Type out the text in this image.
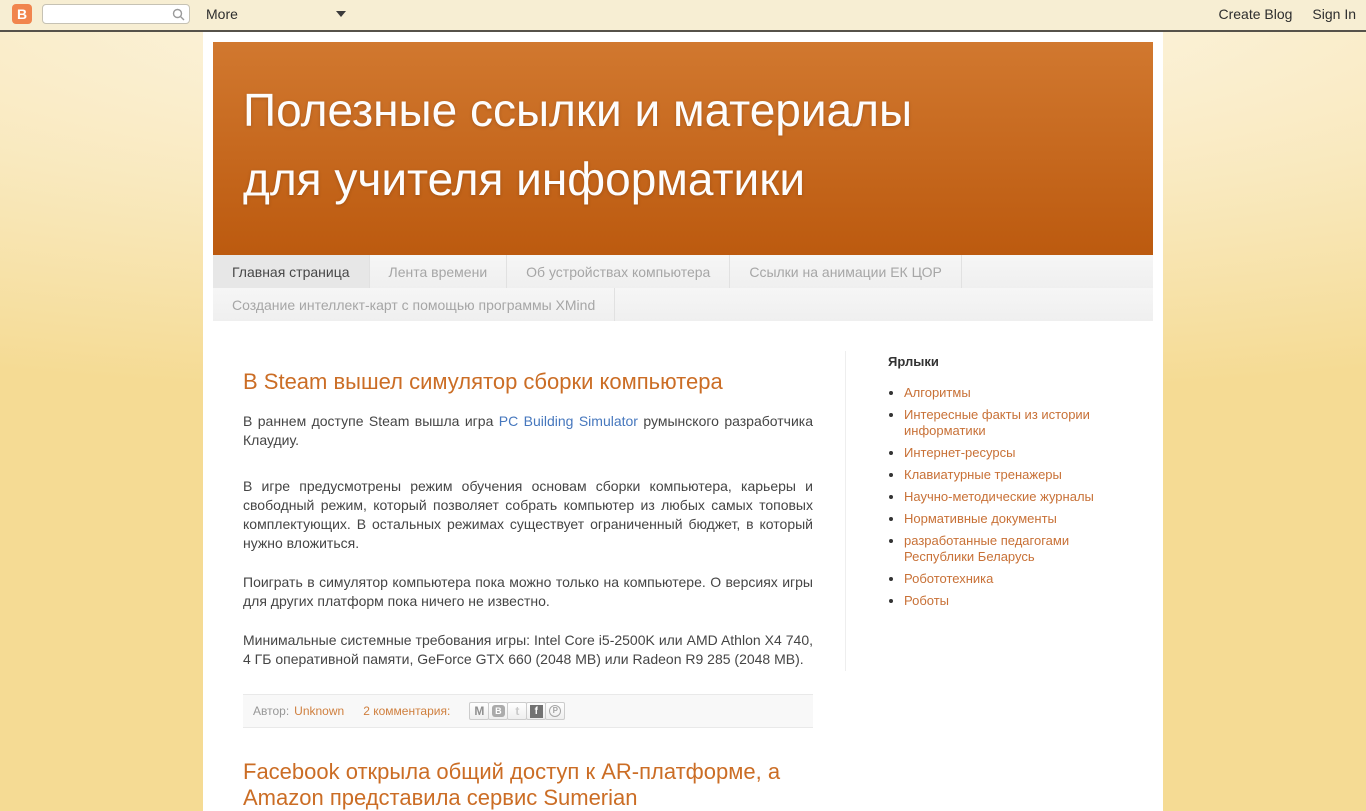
B	More	Create Blog Sign In
Полезные ссылки и материалы
для учителя информатики
Главная страница	Лента времени	Об устройствах компьютера	Ссылки на анимации ЕК ЦОР
Создание интеллект-карт с помощью программы XMind
В Steam вышел симулятор сборки компьютера

В раннем доступе Steam вышла игра PC Building Simulator румынского разработчика Клаудиу.

В игре предусмотрены режим обучения основам сборки компьютера, карьеры и свободный режим, который позволяет собрать компьютер из любых самых топовых комплектующих. В остальных режимах существует ограниченный бюджет, в который нужно вложиться.

Поиграть в симулятор компьютера пока можно только на компьютере. О версиях игры для других платформ пока ничего не известно.

Минимальные системные требования игры: Intel Core i5-2500K или AMD Athlon X4 740, 4 ГБ оперативной памяти, GeForce GTX 660 (2048 MB) или Radeon R9 285 (2048 MB).

Автор: Unknown 2 комментария: M	B t	f	P
Facebook открыла общий доступ к AR-платформе, а Amazon представила сервис Sumerian
Ярлыки
• Алгоритмы
• Интересные факты из истории информатики
• Интернет-ресурсы
• Клавиатурные тренажеры
• Научно-методические журналы
• Нормативные документы
• разработанные педагогами Республики Беларусь
• Робототехника
• Роботы
